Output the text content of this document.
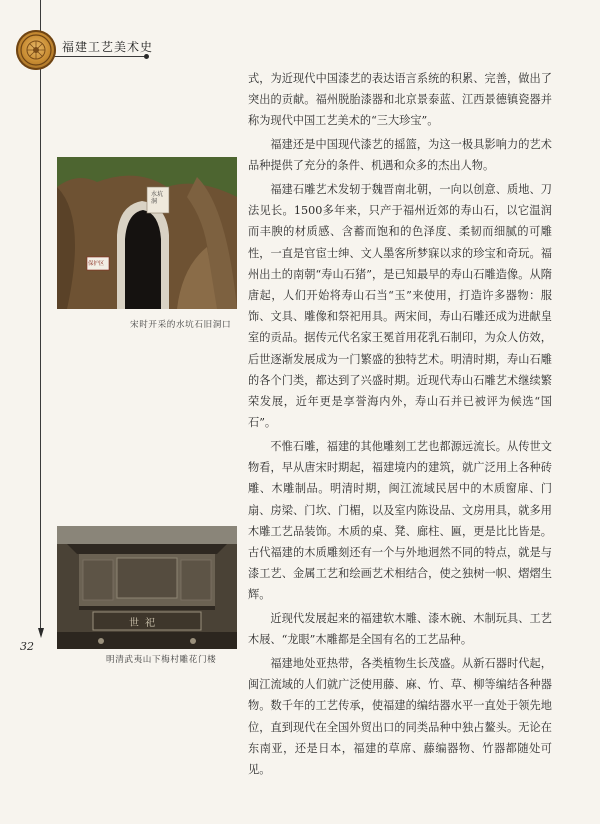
福建工艺美术史

式，为近现代中国漆艺的表达语言系统的积累、完善，做出了突出的贡献。福州脱胎漆器和北京景泰蓝、江西景德镇瓷器并称为现代中国工艺美术的“三大珍宝”。

福建还是中国现代漆艺的摇篮，为这一极具影响力的艺术品种提供了充分的条件、机遇和众多的杰出人物。

福建石雕艺术发轫于魏晋南北朝，一向以创意、质地、刀法见长。1500多年来，只产于福州近郊的寿山石，以它温润而丰腴的材质感、含蓄而饱和的色泽度、柔韧而细腻的可雕性，一直是官宦士绅、文人墨客所梦寐以求的珍宝和奇玩。福州出土的南朝“寿山石猪”，是已知最早的寿山石雕造像。从隋唐起，人们开始将寿山石当“玉”来使用，打造许多器物：服饰、文具、雕像和祭祀用具。两宋间，寿山石雕还成为进献皇室的贡品。据传元代名家王冕首用花乳石制印，为众人仿效，后世逐渐发展成为一门繁盛的独特艺术。明清时期，寿山石雕的各个门类，都达到了兴盛时期。近现代寿山石雕艺术继续繁荣发展，近年更是享誉海内外，寿山石并已被评为候选“国石”。

不惟石雕，福建的其他雕刻工艺也都源远流长。从传世文物看，早从唐宋时期起，福建境内的建筑，就广泛用上各种砖雕、木雕制品。明清时期，闽江流域民居中的木质窗扉、门扇、房梁、门坎、门楣，以及室内陈设品、文房用具，就多用木雕工艺品装饰。木质的桌、凳、廊柱、匾，更是比比皆是。古代福建的木质雕刻还有一个与外地迥然不同的特点，就是与漆工艺、金属工艺和绘画艺术相结合，使之独树一帜、熠熠生辉。

近现代发展起来的福建软木雕、漆木碗、木制玩具、工艺木屐、“龙眼”木雕都是全国有名的工艺品种。

福建地处亚热带，各类植物生长茂盛。从新石器时代起，闽江流域的人们就广泛使用藤、麻、竹、草、柳等编结各种器物。数千年的工艺传承，使福建的编结器水平一直处于领先地位，直到现代在全国外贸出口的同类品种中独占鳌头。无论在东南亚，还是日本，福建的草席、藤编器物、竹器都随处可见。

水坑洞
保护区
宋时开采的水坑石旧洞口
世祀
明清武夷山下梅村雕花门楼
32
